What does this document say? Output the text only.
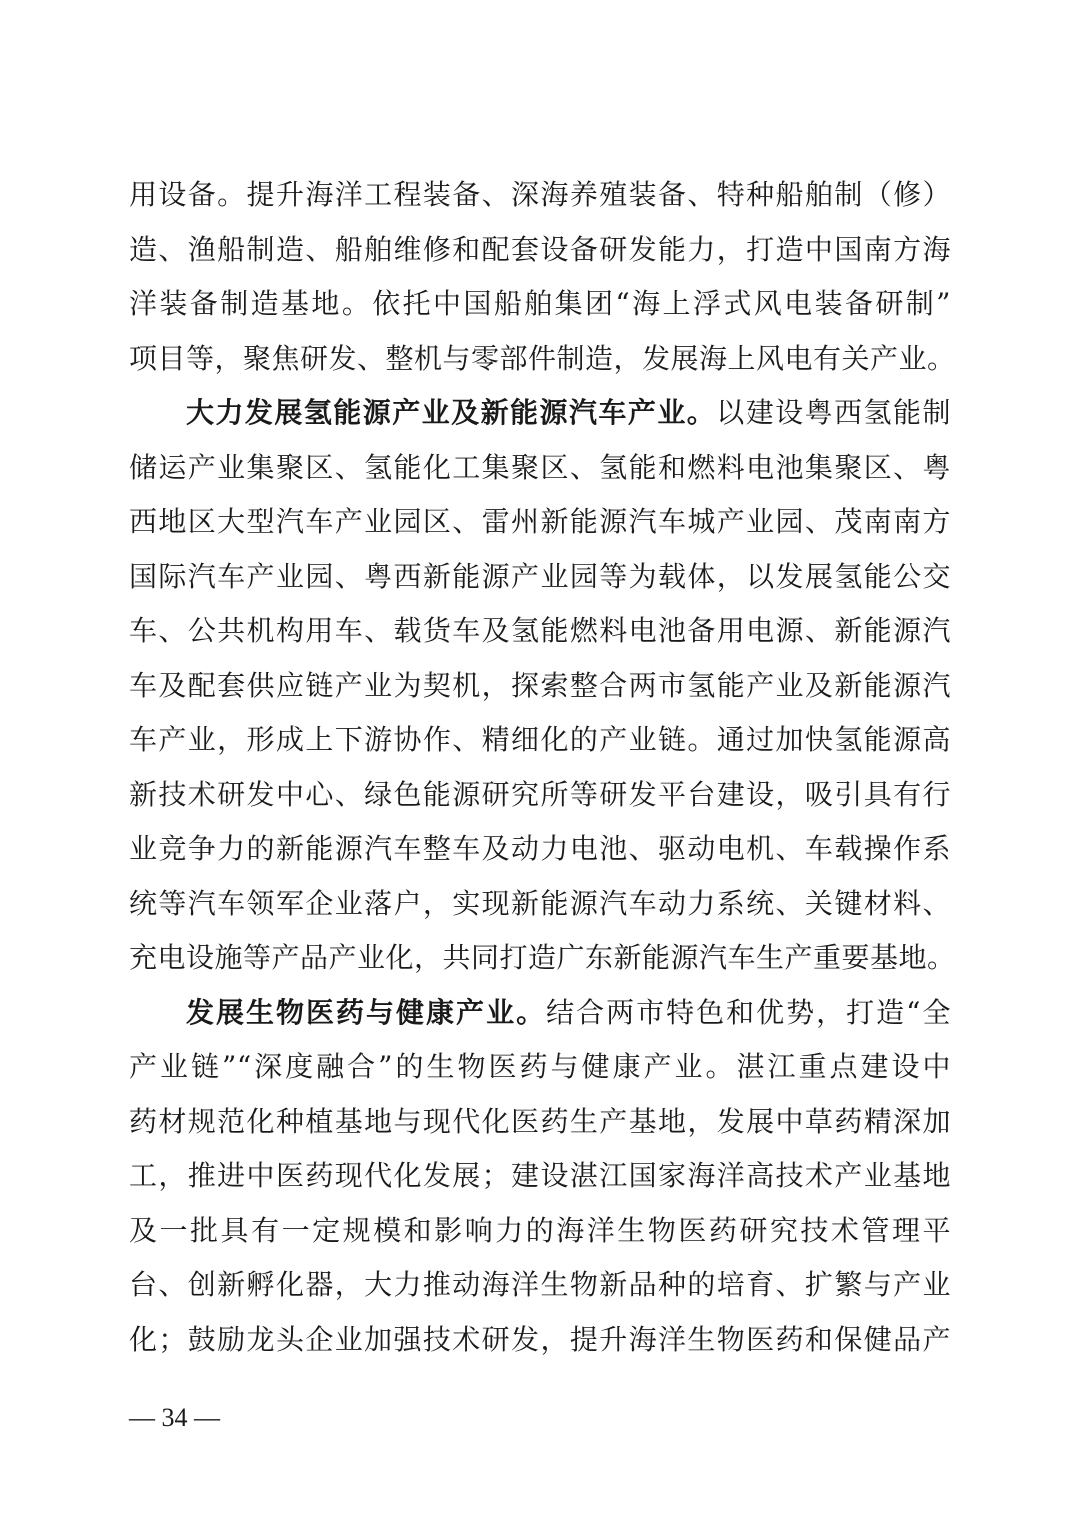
用设备。提升海洋工程装备、深海养殖装备、特种船舶制（修）
造、渔船制造、船舶维修和配套设备研发能力，打造中国南方海
洋装备制造基地。依托中国船舶集团“海上浮式风电装备研制”
项目等，聚焦研发、整机与零部件制造，发展海上风电有关产业。
大力发展氢能源产业及新能源汽车产业。以建设粤西氢能制
储运产业集聚区、氢能化工集聚区、氢能和燃料电池集聚区、粤
西地区大型汽车产业园区、雷州新能源汽车城产业园、茂南南方
国际汽车产业园、粤西新能源产业园等为载体，以发展氢能公交
车、公共机构用车、载货车及氢能燃料电池备用电源、新能源汽
车及配套供应链产业为契机，探索整合两市氢能产业及新能源汽
车产业，形成上下游协作、精细化的产业链。通过加快氢能源高
新技术研发中心、绿色能源研究所等研发平台建设，吸引具有行
业竞争力的新能源汽车整车及动力电池、驱动电机、车载操作系
统等汽车领军企业落户，实现新能源汽车动力系统、关键材料、
充电设施等产品产业化，共同打造广东新能源汽车生产重要基地。
发展生物医药与健康产业。结合两市特色和优势，打造“全
产业链”“深度融合”的生物医药与健康产业。湛江重点建设中
药材规范化种植基地与现代化医药生产基地，发展中草药精深加
工，推进中医药现代化发展；建设湛江国家海洋高技术产业基地
及一批具有一定规模和影响力的海洋生物医药研究技术管理平
台、创新孵化器，大力推动海洋生物新品种的培育、扩繁与产业
化；鼓励龙头企业加强技术研发，提升海洋生物医药和保健品产
— 34 —
